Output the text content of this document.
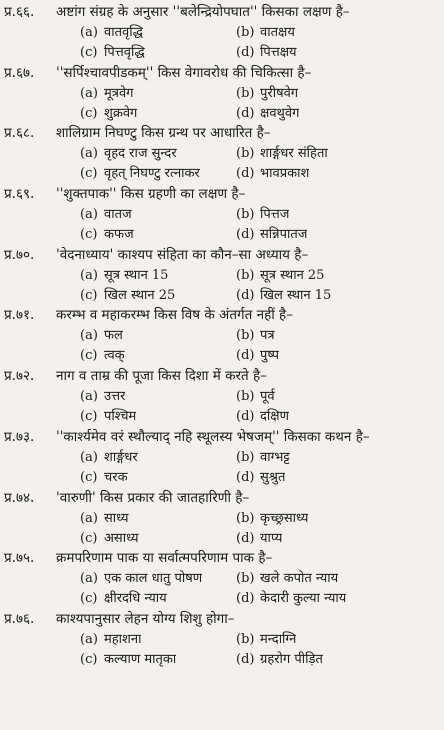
प्र.६६.	अष्टांग संग्रह के अनुसार ''बलेन्द्रियोपघात'' किसका लक्षण है–
(a) वातवृद्धि	(b) वातक्षय
(c) पित्तवृद्धि	(d) पित्तक्षय
प्र.६७.	''सर्पिश्चावपीडकम्'' किस वेगावरोध की चिकित्सा है–
(a) मूत्रवेग	(b) पुरीषवेग
(c) शुक्रवेग	(d) क्षवथुवेग
प्र.६८.	शालिग्राम निघण्टु किस ग्रन्थ पर आधारित है–
(a) वृहद राज सुन्दर	(b) शार्ङ्गधर संहिता
(c) वृहत् निघण्टु रत्नाकर	(d) भावप्रकाश
प्र.६९.	''शुक्तपाक'' किस ग्रहणी का लक्षण है–
(a) वातज	(b) पित्तज
(c) कफज	(d) सन्निपातज
प्र.७०.	'वेदनाध्याय' काश्यप संहिता का कौन–सा अध्याय है–
(a) सूत्र स्थान 15	(b) सूत्र स्थान 25
(c) खिल स्थान 25	(d) खिल स्थान 15
प्र.७१.	करम्भ व महाकरम्भ किस विष के अंतर्गत नहीं है–
(a) फल	(b) पत्र
(c) त्वक्	(d) पुष्प
प्र.७२.	नाग व ताम्र की पूजा किस दिशा में करते है–
(a) उत्तर	(b) पूर्व
(c) पश्चिम	(d) दक्षिण
प्र.७३.	''कार्श्यमेव वरं स्थौल्याद् नहि स्थूलस्य भेषजम्'' किसका कथन है–
(a) शार्ङ्गधर	(b) वाग्भट्ट
(c) चरक	(d) सुश्रुत
प्र.७४.	'वारुणी' किस प्रकार की जातहारिणी है–
(a) साध्य	(b) कृच्छ्रसाध्य
(c) असाध्य	(d) याप्य
प्र.७५.	क्रमपरिणाम पाक या सर्वात्मपरिणाम पाक है–
(a) एक काल धातु पोषण	(b) खले कपोत न्याय
(c) क्षीरदधि न्याय	(d) केदारी कुल्या न्याय
प्र.७६.	काश्यपानुसार लेहन योग्य शिशु होगा–
(a) महाशना	(b) मन्दाग्नि
(c) कल्याण मातृका	(d) ग्रहरोग पीड़ित
